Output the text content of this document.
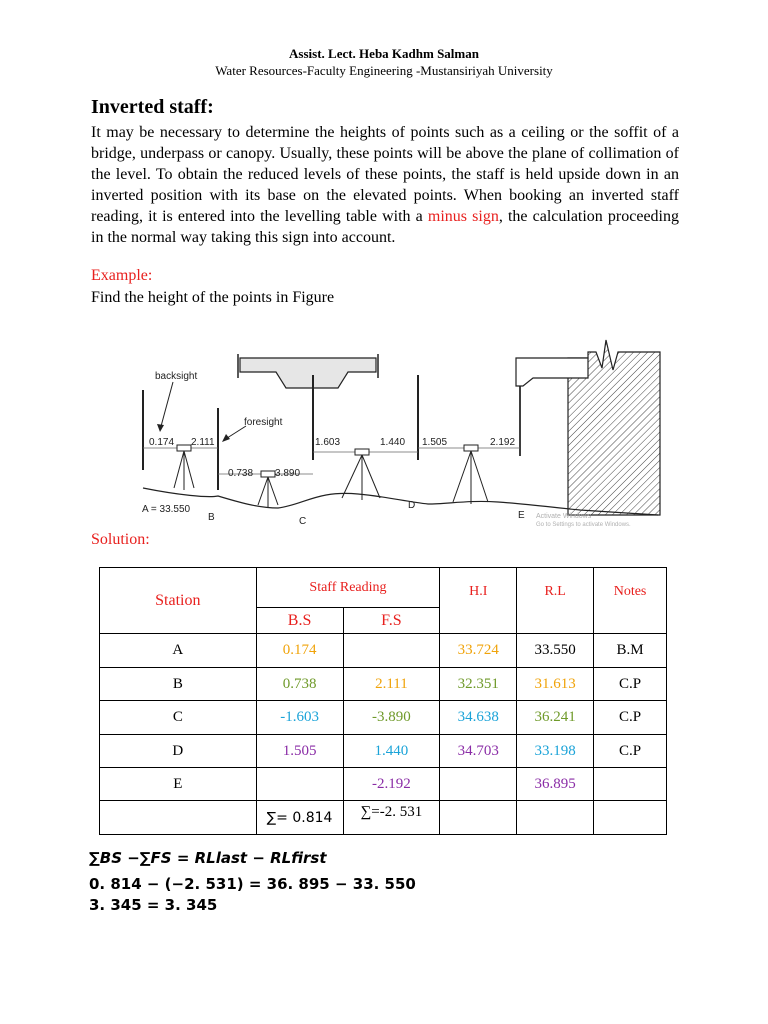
Assist. Lect. Heba Kadhm Salman
Water Resources-Faculty Engineering -Mustansiriyah University
Inverted staff:
It may be necessary to determine the heights of points such as a ceiling or the soffit of a bridge, underpass or canopy. Usually, these points will be above the plane of collimation of the level. To obtain the reduced levels of these points, the staff is held upside down in an inverted position with its base on the elevated points. When booking an inverted staff reading, it is entered into the levelling table with a minus sign, the calculation proceeding in the normal way taking this sign into account.
Example:
Find the height of the points in Figure
backsight
foresight
0.174 2.111
0.738 3.890
1.603	1.440 1.505	2.192
A = 33.550
B	C
D
E Activate Windows
Go to Settings to activate Windows.
Solution:
Station	Staff Reading		H.I	R.L	Notes
	B.S	F.S			
A	0.174		33.724	33.550	B.M
B	0.738	2.111	32.351	31.613	C.P
C	-1.603	-3.890	34.638	36.241	C.P
D	1.505	1.440	34.703	33.198	C.P
E		-2.192		36.895	
	∑= 0.814	∑=-2. 531			
∑BS −∑FS = RLlast − RLfirst
0. 814 − (−2. 531) = 36. 895 − 33. 550
3. 345 = 3. 345
